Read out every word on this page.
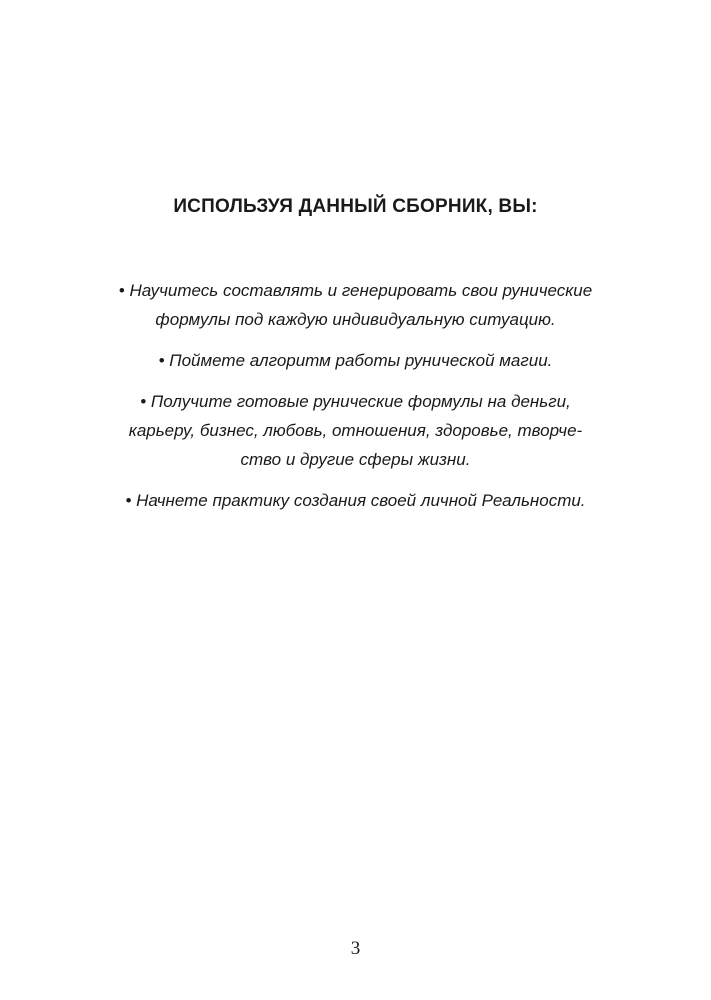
ИСПОЛЬЗУЯ ДАННЫЙ СБОРНИК, ВЫ:
• Научитесь составлять и генерировать свои рунические
формулы под каждую индивидуальную ситуацию.
• Поймете алгоритм работы рунической магии.
• Получите готовые рунические формулы на деньги,
карьеру, бизнес, любовь, отношения, здоровье, творче-
ство и другие сферы жизни.
• Начнете практику создания своей личной Реальности.
3
